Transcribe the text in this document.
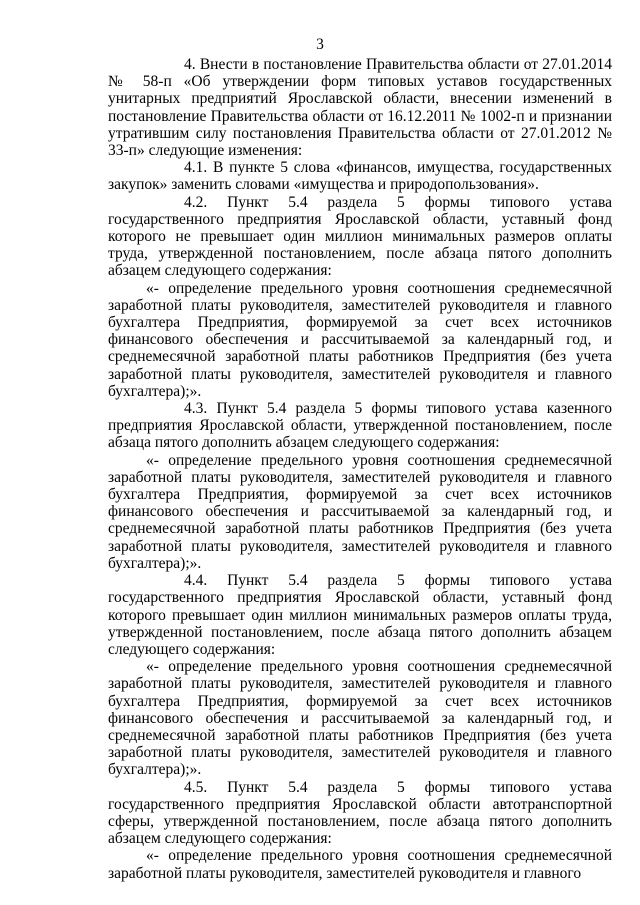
3

4. Внести в постановление Правительства области от 27.01.2014 № 58-п «Об утверждении форм типовых уставов государственных унитарных предприятий Ярославской области, внесении изменений в постановление Правительства области от 16.12.2011 № 1002-п и признании утратившим силу постановления Правительства области от 27.01.2012 № 33-п» следующие изменения:

4.1. В пункте 5 слова «финансов, имущества, государственных закупок» заменить словами «имущества и природопользования».

4.2. Пункт 5.4 раздела 5 формы типового устава государственного предприятия Ярославской области, уставный фонд которого не превышает один миллион минимальных размеров оплаты труда, утвержденной постановлением, после абзаца пятого дополнить абзацем следующего содержания:

«- определение предельного уровня соотношения среднемесячной заработной платы руководителя, заместителей руководителя и главного бухгалтера Предприятия, формируемой за счет всех источников финансового обеспечения и рассчитываемой за календарный год, и среднемесячной заработной платы работников Предприятия (без учета заработной платы руководителя, заместителей руководителя и главного бухгалтера);».

4.3. Пункт 5.4 раздела 5 формы типового устава казенного предприятия Ярославской области, утвержденной постановлением, после абзаца пятого дополнить абзацем следующего содержания:

«- определение предельного уровня соотношения среднемесячной заработной платы руководителя, заместителей руководителя и главного бухгалтера Предприятия, формируемой за счет всех источников финансового обеспечения и рассчитываемой за календарный год, и среднемесячной заработной платы работников Предприятия (без учета заработной платы руководителя, заместителей руководителя и главного бухгалтера);».

4.4. Пункт 5.4 раздела 5 формы типового устава государственного предприятия Ярославской области, уставный фонд которого превышает один миллион минимальных размеров оплаты труда, утвержденной постановлением, после абзаца пятого дополнить абзацем следующего содержания:

«- определение предельного уровня соотношения среднемесячной заработной платы руководителя, заместителей руководителя и главного бухгалтера Предприятия, формируемой за счет всех источников финансового обеспечения и рассчитываемой за календарный год, и среднемесячной заработной платы работников Предприятия (без учета заработной платы руководителя, заместителей руководителя и главного бухгалтера);».

4.5. Пункт 5.4 раздела 5 формы типового устава государственного предприятия Ярославской области автотранспортной сферы, утвержденной постановлением, после абзаца пятого дополнить абзацем следующего содержания:

«- определение предельного уровня соотношения среднемесячной заработной платы руководителя, заместителей руководителя и главного
